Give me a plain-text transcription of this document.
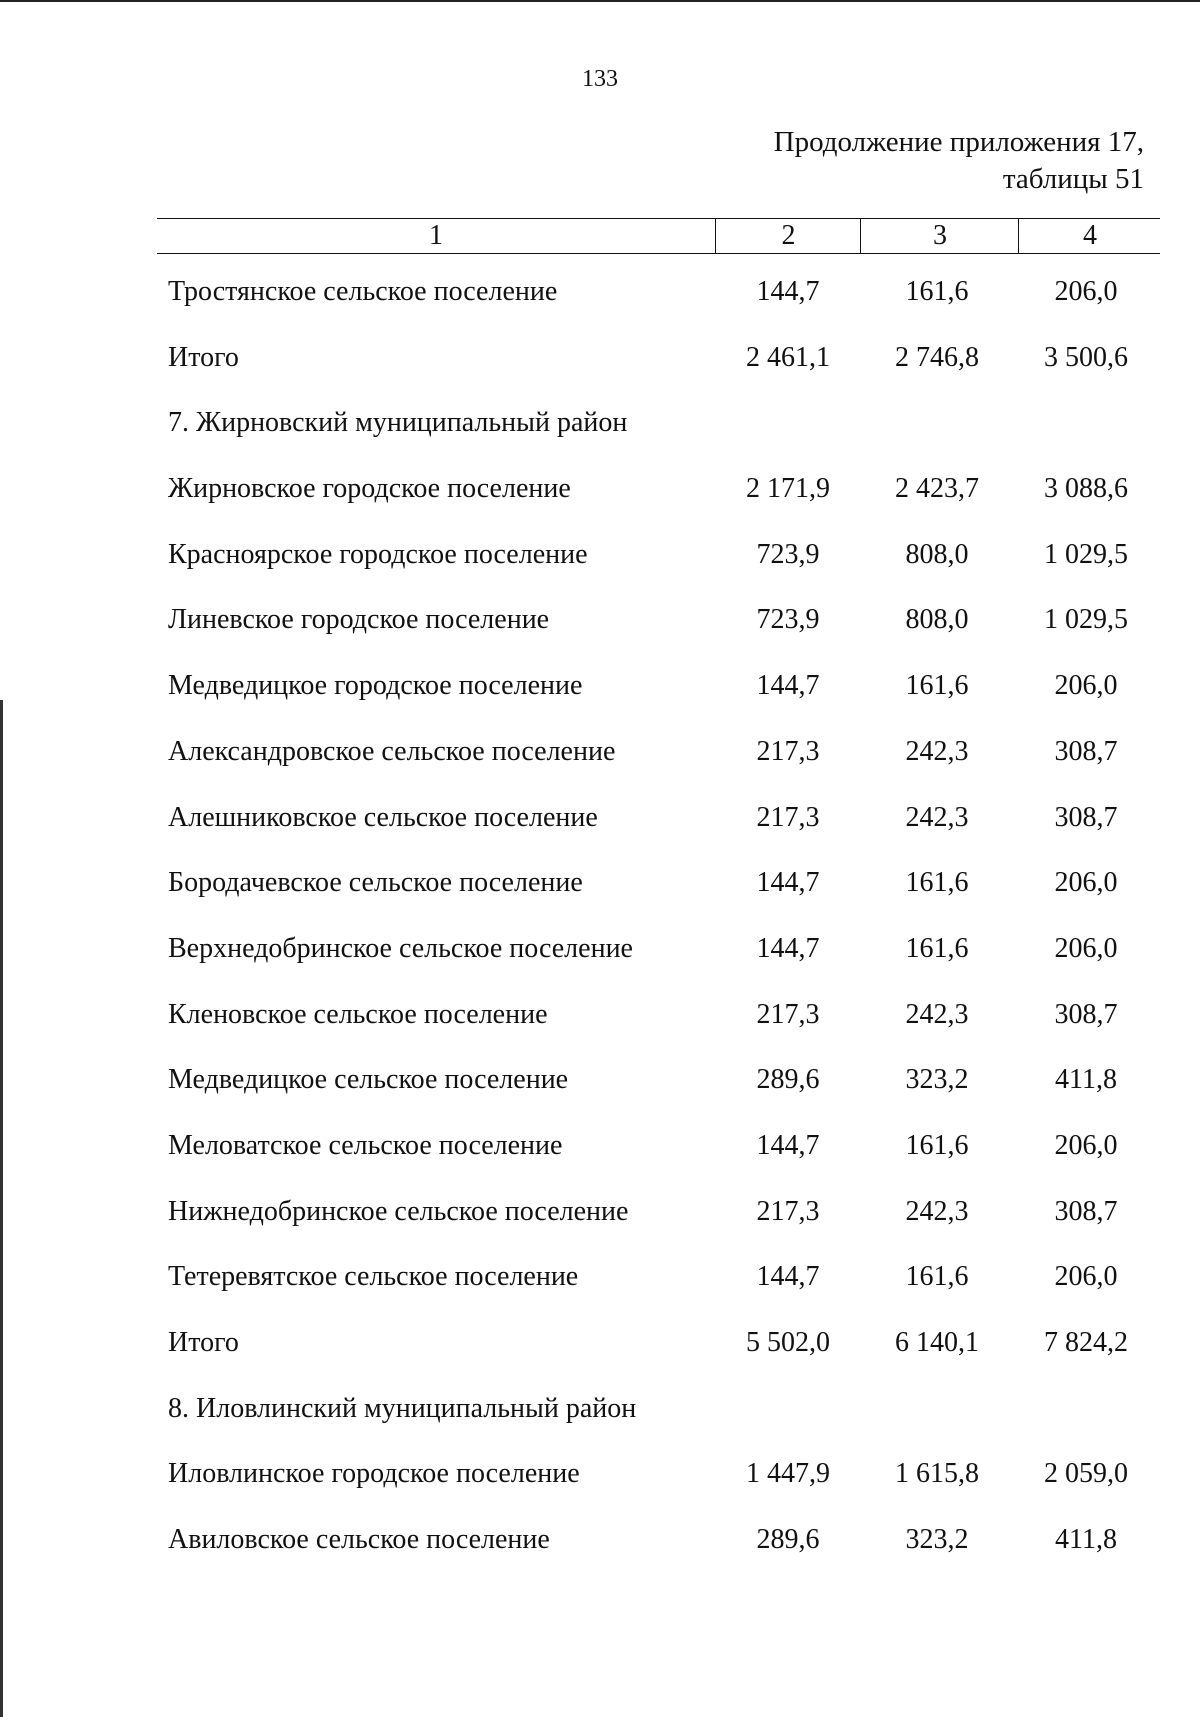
133
Продолжение приложения 17,
таблицы 51
1	2	3	4
Тростянское сельское поселение	144,7	161,6	206,0
Итого	2 461,1	2 746,8	3 500,6
7. Жирновский муниципальный район
Жирновское городское поселение	2 171,9	2 423,7	3 088,6
Красноярское городское поселение	723,9	808,0	1 029,5
Линевское городское поселение	723,9	808,0	1 029,5
Медведицкое городское поселение	144,7	161,6	206,0
Александровское сельское поселение	217,3	242,3	308,7
Алешниковское сельское поселение	217,3	242,3	308,7
Бородачевское сельское поселение	144,7	161,6	206,0
Верхнедобринское сельское поселение	144,7	161,6	206,0
Кленовское сельское поселение	217,3	242,3	308,7
Медведицкое сельское поселение	289,6	323,2	411,8
Меловатское сельское поселение	144,7	161,6	206,0
Нижнедобринское сельское поселение	217,3	242,3	308,7
Тетеревятское сельское поселение	144,7	161,6	206,0
Итого	5 502,0	6 140,1	7 824,2
8. Иловлинский муниципальный район
Иловлинское городское поселение	1 447,9	1 615,8	2 059,0
Авиловское сельское поселение	289,6	323,2	411,8
